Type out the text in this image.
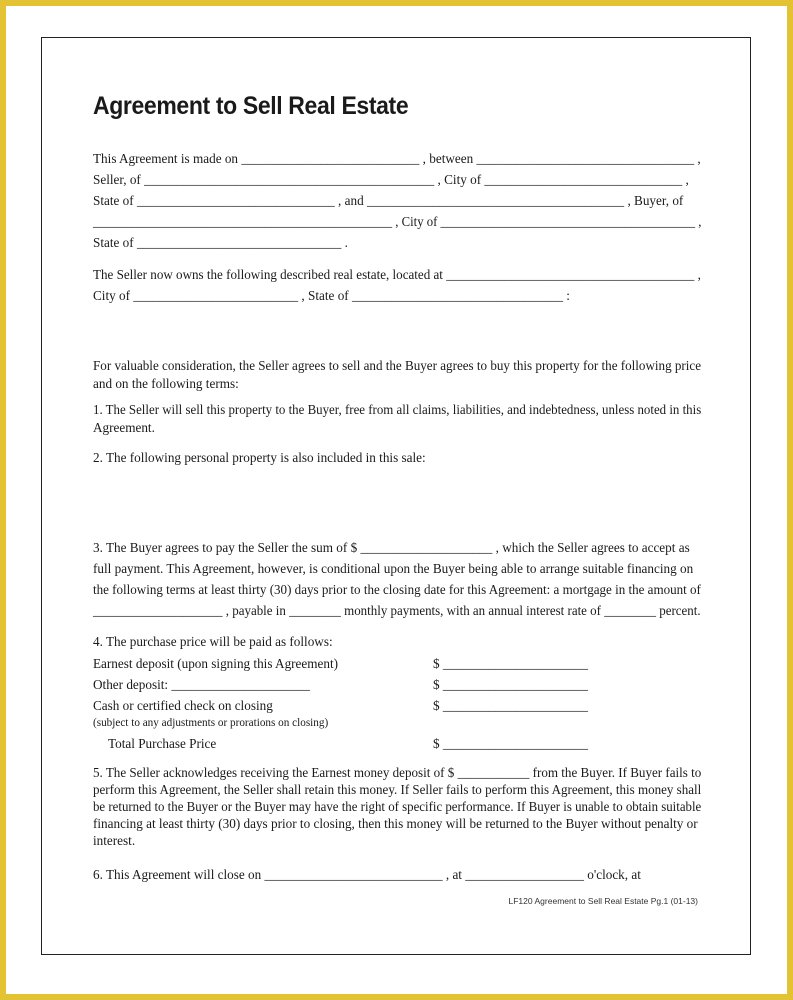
Agreement to Sell Real Estate
This Agreement is made on ___________________________ , between _________________________________ ,
Seller, of ____________________________________________ , City of ______________________________ ,
State of ______________________________ , and _______________________________________ , Buyer, of
_______________________________________________ , City of ________________________________________ ,
State of _______________________________ .
The Seller now owns the following described real estate, located at ______________________________________ ,
City of _________________________ , State of ________________________________ :
For valuable consideration, the Seller agrees to sell and the Buyer agrees to buy this property for the following price
and on the following terms:
1. The Seller will sell this property to the Buyer, free from all claims, liabilities, and indebtedness, unless noted in this
Agreement.
2. The following personal property is also included in this sale:
3. The Buyer agrees to pay the Seller the sum of $ ____________________ , which the Seller agrees to accept as
full payment. This Agreement, however, is conditional upon the Buyer being able to arrange suitable financing on
the following terms at least thirty (30) days prior to the closing date for this Agreement: a mortgage in the amount of
____________________ , payable in ________ monthly payments, with an annual interest rate of ________ percent.
4. The purchase price will be paid as follows:
Earnest deposit (upon signing this Agreement)	$ ______________________
Other deposit: _____________________	$ ______________________
Cash or certified check on closing	$ ______________________
(subject to any adjustments or prorations on closing)
Total Purchase Price	$ ______________________
5. The Seller acknowledges receiving the Earnest money deposit of $ ___________ from the Buyer. If Buyer fails to
perform this Agreement, the Seller shall retain this money. If Seller fails to perform this Agreement, this money shall
be returned to the Buyer or the Buyer may have the right of specific performance. If Buyer is unable to obtain suitable
financing at least thirty (30) days prior to closing, then this money will be returned to the Buyer without penalty or
interest.
6. This Agreement will close on ___________________________ , at __________________ o'clock, at
LF120 Agreement to Sell Real Estate Pg.1 (01-13)
